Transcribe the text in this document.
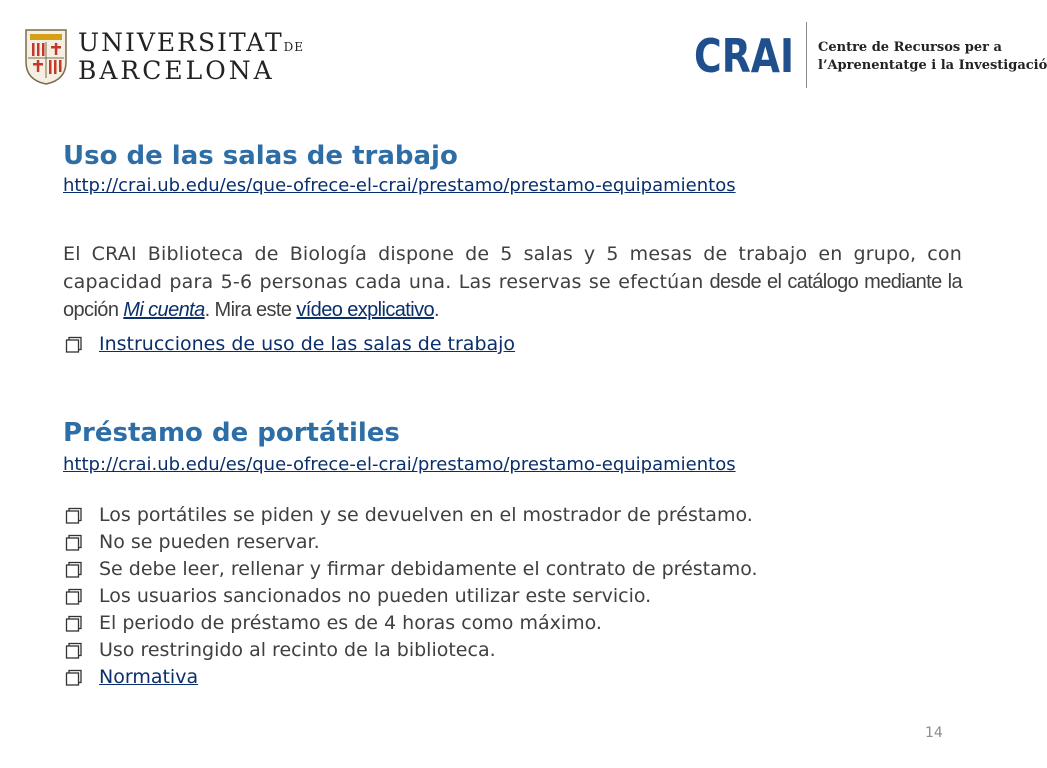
UNIVERSITATDE
BARCELONA	CRAI Centre de Recursos per a
l’Aprenentatge i la Investigació
Uso de las salas de trabajo
http://crai.ub.edu/es/que-ofrece-el-crai/prestamo/prestamo-equipamientos

El CRAI Biblioteca de Biología dispone de 5 salas y 5 mesas de trabajo en grupo, con capacidad para 5-6 personas cada una. Las reservas se efectúan desde el catálogo mediante la opción Mi cuenta. Mira este vídeo explicativo.

Instrucciones de uso de las salas de trabajo
Préstamo de portátiles
http://crai.ub.edu/es/que-ofrece-el-crai/prestamo/prestamo-equipamientos
Los portátiles se piden y se devuelven en el mostrador de préstamo.
No se pueden reservar.
Se debe leer, rellenar y firmar debidamente el contrato de préstamo.
Los usuarios sancionados no pueden utilizar este servicio.
El periodo de préstamo es de 4 horas como máximo.
Uso restringido al recinto de la biblioteca.
Normativa
14
